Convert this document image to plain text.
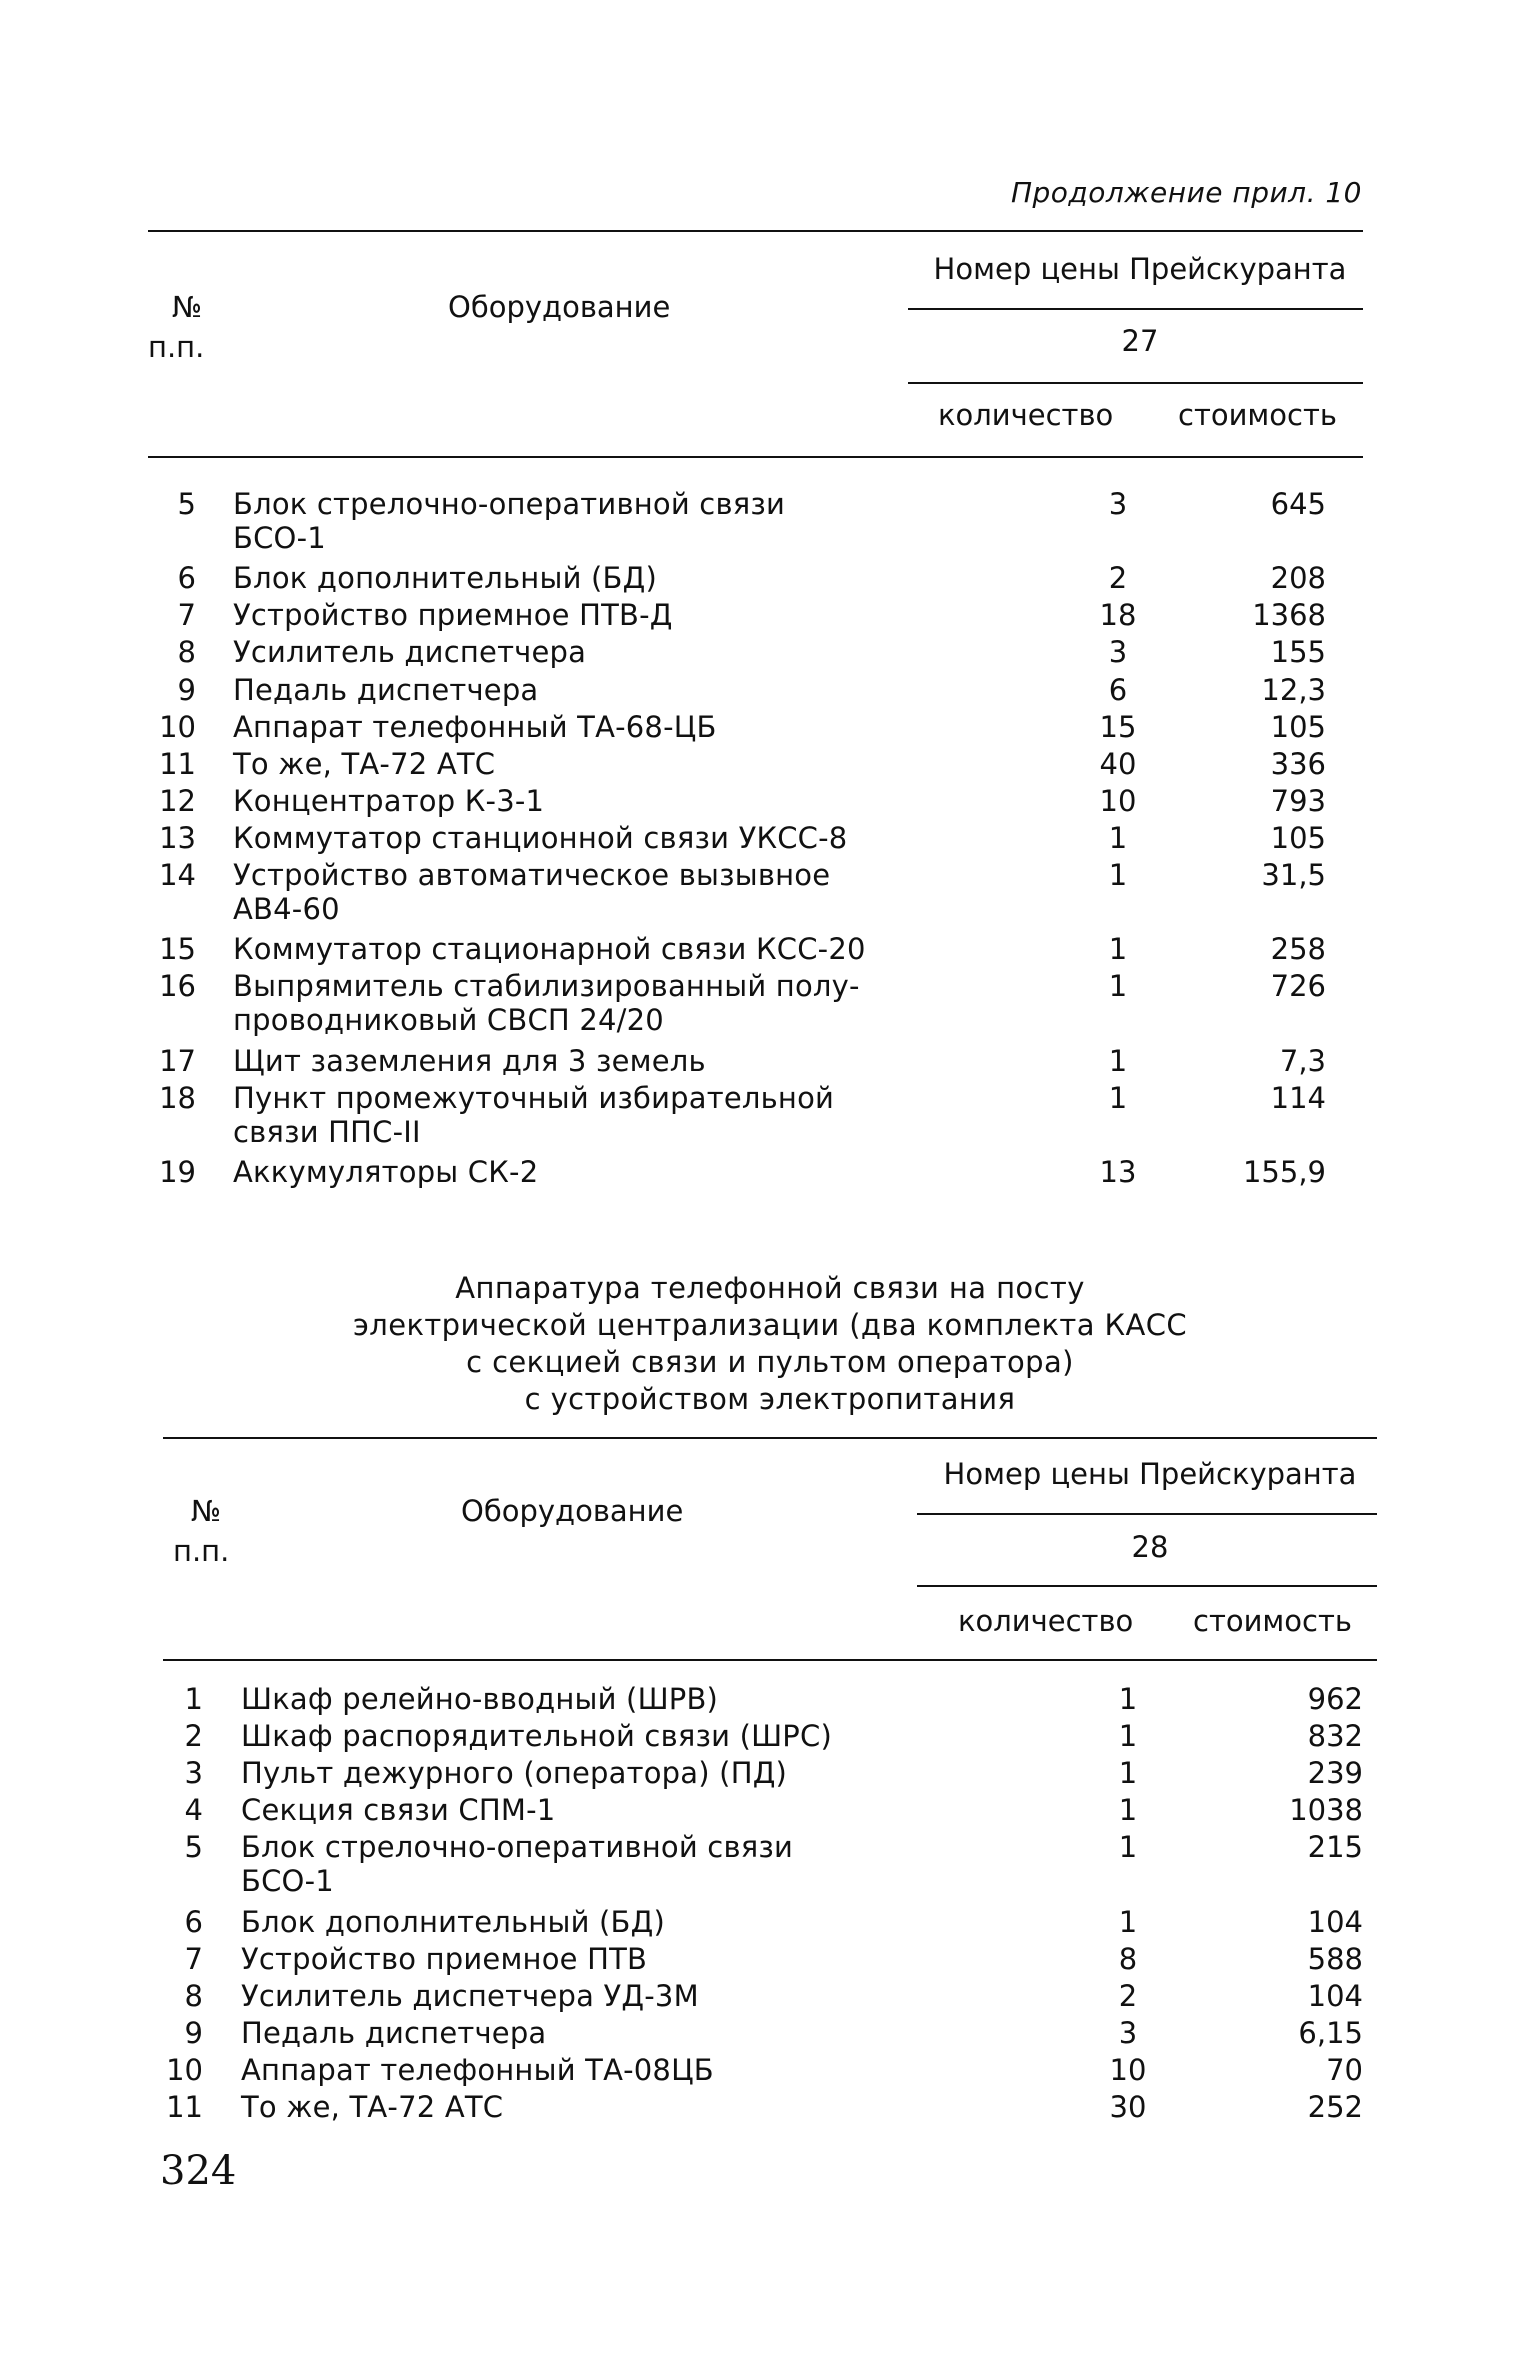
Продолжение прил. 10
№
п.п.
Оборудование
Номер цены Прейскуранта
27
количество стоимость
5 Блок стрелочно-оперативной связи
БСО-1
3	645
6 Блок дополнительный (БД)	2	208
7 Устройство приемное ПТВ-Д	18	1368
8 Усилитель диспетчера	3	155
9 Педаль диспетчера	6	12,3
10 Аппарат телефонный ТА-68-ЦБ	15	105
11 То же, ТА-72 АТС	40	336
12 Концентратор К-3-1	10	793
13 Коммутатор станционной связи УКСС-8	1	105
14 Устройство автоматическое вызывное
АВ4-60
1	31,5
15 Коммутатор стационарной связи КСС-20	1	258
16 Выпрямитель стабилизированный полу-
проводниковый СВСП 24/20
1	726
17 Щит заземления для 3 земель	1	7,3
18 Пункт промежуточный избирательной
связи ППС-II
1	114
19 Аккумуляторы СК-2	13	155,9
Аппаратура телефонной связи на посту
электрической централизации (два комплекта КАСС
с секцией связи и пультом оператора)
с устройством электропитания
№
п.п.
Оборудование
Номер цены Прейскуранта
28
количество стоимость
1 Шкаф релейно-вводный (ШРВ)	1	962
2 Шкаф распорядительной связи (ШРС)	1	832
3 Пульт дежурного (оператора) (ПД)	1	239
4 Секция связи СПМ-1	1	1038
5 Блок стрелочно-оперативной связи
БСО-1
1	215
6 Блок дополнительный (БД)	1	104
7 Устройство приемное ПТВ	8	588
8 Усилитель диспетчера УД-3М	2	104
9 Педаль диспетчера	3	6,15
10 Аппарат телефонный ТА-08ЦБ	10	70
11 То же, ТА-72 АТС	30	252
324
